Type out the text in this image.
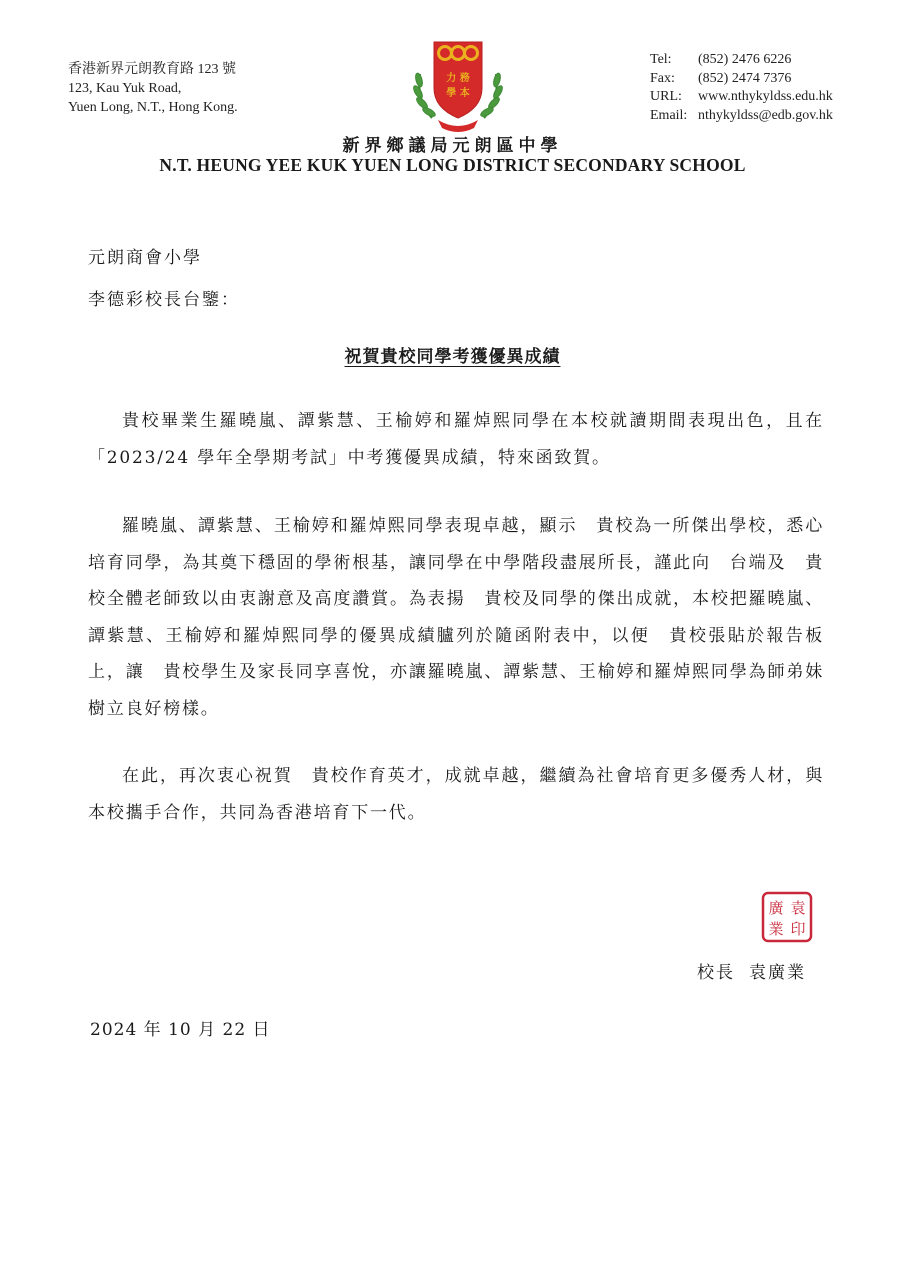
香港新界元朗教育路 123 號
123, Kau Yuk Road,
Yuen Long, N.T., Hong Kong.
力 務
學 本
Tel:	(852) 2476 6226
Fax:	(852) 2474 7376
URL:	www.nthykyldss.edu.hk
Email: nthykyldss@edb.gov.hk
新界鄉議局元朗區中學
N.T. HEUNG YEE KUK YUEN LONG DISTRICT SECONDARY SCHOOL
元朗商會小學
李德彩校長台鑒：
祝賀貴校同學考獲優異成績
貴校畢業生羅曉嵐、譚紫慧、王榆婷和羅焯熙同學在本校就讀期間表現出色，且在「2023/24 學年全學期考試」中考獲優異成績，特來函致賀。
羅曉嵐、譚紫慧、王榆婷和羅焯熙同學表現卓越，顯示　貴校為一所傑出學校，悉心培育同學，為其奠下穩固的學術根基，讓同學在中學階段盡展所長，謹此向　台端及　貴校全體老師致以由衷謝意及高度讚賞。為表揚　貴校及同學的傑出成就，本校把羅曉嵐、譚紫慧、王榆婷和羅焯熙同學的優異成績臚列於隨函附表中，以便　貴校張貼於報告板上，讓　貴校學生及家長同享喜悅，亦讓羅曉嵐、譚紫慧、王榆婷和羅焯熙同學為師弟妹樹立良好榜樣。
在此，再次衷心祝賀　貴校作育英才，成就卓越，繼續為社會培育更多優秀人材，與本校攜手合作，共同為香港培育下一代。
袁
廣
業 印
校長 袁廣業
2024 年 10 月 22 日
